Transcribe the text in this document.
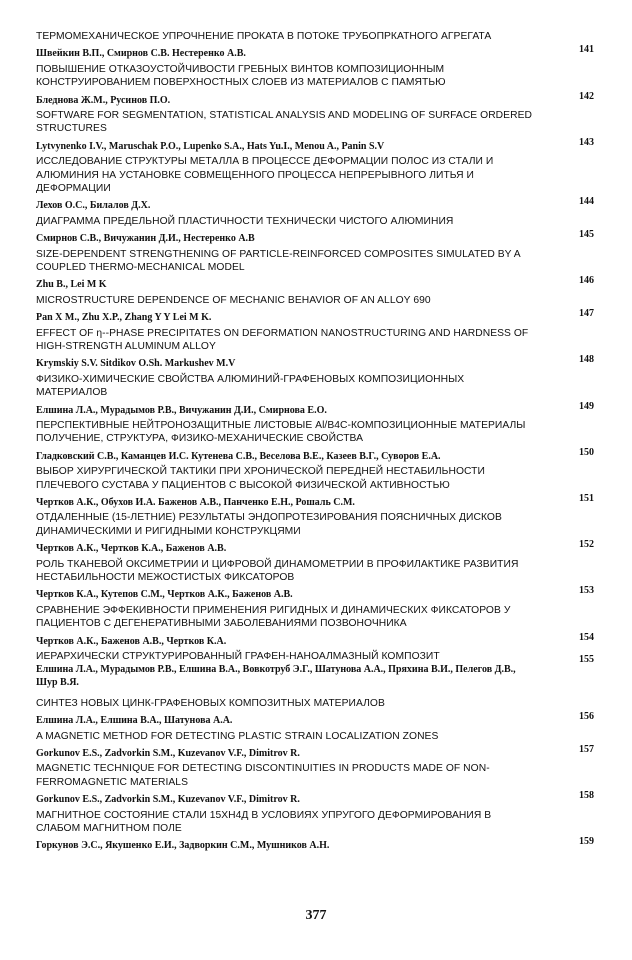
ТЕРМОМЕХАНИЧЕСКОЕ УПРОЧНЕНИЕ ПРОКАТА В ПОТОКЕ ТРУБОПРКАТНОГО АГРЕГАТА
Швейкин В.П., Смирнов С.В. Нестеренко А.В.	141
ПОВЫШЕНИЕ ОТКАЗОУСТОЙЧИВОСТИ ГРЕБНЫХ ВИНТОВ КОМПОЗИЦИОННЫМ КОНСТРУИРОВАНИЕМ ПОВЕРХНОСТНЫХ СЛОЕВ ИЗ МАТЕРИАЛОВ С ПАМЯТЬЮ
Бледнова Ж.М., Русинов П.О.	142
SOFTWARE FOR SEGMENTATION, STATISTICAL ANALYSIS AND MODELING OF SURFACE ORDERED STRUCTURES
Lytvynenko I.V., Maruschak P.O., Lupenko S.A., Hats Yu.I., Menou A., Panin S.V	143
ИССЛЕДОВАНИЕ СТРУКТУРЫ МЕТАЛЛА В ПРОЦЕССЕ ДЕФОРМАЦИИ ПОЛОС ИЗ СТАЛИ И АЛЮМИНИЯ НА УСТАНОВКЕ СОВМЕЩЕННОГО ПРОЦЕССА НЕПРЕРЫВНОГО ЛИТЬЯ И ДЕФОРМАЦИИ
Лехов О.С., Билалов Д.Х.	144
ДИАГРАММА ПРЕДЕЛЬНОЙ ПЛАСТИЧНОСТИ ТЕХНИЧЕСКИ ЧИСТОГО АЛЮМИНИЯ
Смирнов С.В., Вичужанин Д.И., Нестеренко А.В	145
SIZE-DEPENDENT STRENGTHENING OF PARTICLE-REINFORCED COMPOSITES SIMULATED BY A COUPLED THERMO-MECHANICAL MODEL
Zhu B., Lei M K	146
MICROSTRUCTURE DEPENDENCE OF MECHANIC BEHAVIOR OF AN ALLOY 690
Pan X M., Zhu X.P., Zhang Y Y Lei M K.	147
EFFECT OF η--PHASE PRECIPITATES ON DEFORMATION NANOSTRUCTURING AND HARDNESS OF HIGH-STRENGTH ALUMINUM ALLOY
Krymskiy S.V. Sitdikov O.Sh. Markushev M.V	148
ФИЗИКО-ХИМИЧЕСКИЕ СВОЙСТВА АЛЮМИНИЙ-ГРАФЕНОВЫХ КОМПОЗИЦИОННЫХ МАТЕРИАЛОВ
Елшина Л.А., Мурадымов Р.В., Вичужанин Д.И., Смирнова Е.О.	149
ПЕРСПЕКТИВНЫЕ НЕЙТРОНОЗАЩИТНЫЕ ЛИСТОВЫЕ Al/B4C-КОМПОЗИЦИОННЫЕ МАТЕРИАЛЫ ПОЛУЧЕНИЕ, СТРУКТУРА, ФИЗИКО-МЕХАНИЧЕСКИЕ СВОЙСТВА
Гладковский С.В., Каманцев И.С. Кутенева С.В., Веселова В.Е., Казеев В.Г., Суворов Е.А.	150
ВЫБОР ХИРУРГИЧЕСКОЙ ТАКТИКИ ПРИ ХРОНИЧЕСКОЙ ПЕРЕДНЕЙ НЕСТАБИЛЬНОСТИ ПЛЕЧЕВОГО СУСТАВА У ПАЦИЕНТОВ С ВЫСОКОЙ ФИЗИЧЕСКОЙ АКТИВНОСТЬЮ
Чертков А.К., Обухов И.А. Баженов А.В., Панченко Е.Н., Рошаль С.М.	151
ОТДАЛЕННЫЕ (15-ЛЕТНИЕ) РЕЗУЛЬТАТЫ ЭНДОПРОТЕЗИРОВАНИЯ ПОЯСНИЧНЫХ ДИСКОВ ДИНАМИЧЕСКИМИ И РИГИДНЫМИ КОНСТРУКЦЯМИ
Чертков А.К., Чертков К.А., Баженов А.В.	152
РОЛЬ ТКАНЕВОЙ ОКСИМЕТРИИ И ЦИФРОВОЙ ДИНАМОМЕТРИИ В ПРОФИЛАКТИКЕ РАЗВИТИЯ НЕСТАБИЛЬНОСТИ МЕЖОСТИСТЫХ ФИКСАТОРОВ
Чертков К.А., Кутепов С.М., Чертков А.К., Баженов А.В.	153
СРАВНЕНИЕ ЭФФЕКИВНОСТИ ПРИМЕНЕНИЯ РИГИДНЫХ И ДИНАМИЧЕСКИХ ФИКСАТОРОВ У ПАЦИЕНТОВ С ДЕГЕНЕРАТИВНЫМИ ЗАБОЛЕВАНИЯМИ ПОЗВОНОЧНИКА
Чертков А.К., Баженов А.В., Чертков К.А.	154
ИЕРАРХИЧЕСКИ СТРУКТУРИРОВАННЫЙ ГРАФЕН-НАНОАЛМАЗНЫЙ КОМПОЗИТ	155
Елшина Л.А., Мурадымов Р.В., Елшина В.А., Вовкотруб Э.Г., Шатунова А.А., Пряхина В.И., Пелегов Д.В., Шур В.Я.
СИНТЕЗ НОВЫХ ЦИНК-ГРАФЕНОВЫХ КОМПОЗИТНЫХ МАТЕРИАЛОВ
Елшина Л.А., Елшина В.А., Шатунова А.А.	156
A MAGNETIC METHOD FOR DETECTING PLASTIC STRAIN LOCALIZATION ZONES
Gorkunov E.S., Zadvorkin S.M., Kuzevanov V.F., Dimitrov R.	157
MAGNETIC TECHNIQUE FOR DETECTING DISCONTINUITIES IN PRODUCTS MADE OF NON-FERROMAGNETIC MATERIALS
Gorkunov E.S., Zadvorkin S.M., Kuzevanov V.F., Dimitrov R.	158
МАГНИТНОЕ СОСТОЯНИЕ СТАЛИ 15ХН4Д В УСЛОВИЯХ УПРУГОГО ДЕФОРМИРОВАНИЯ В СЛАБОМ МАГНИТНОМ ПОЛЕ
Горкунов Э.С., Якушенко Е.И., Задворкин С.М., Мушников А.Н.	159
377
